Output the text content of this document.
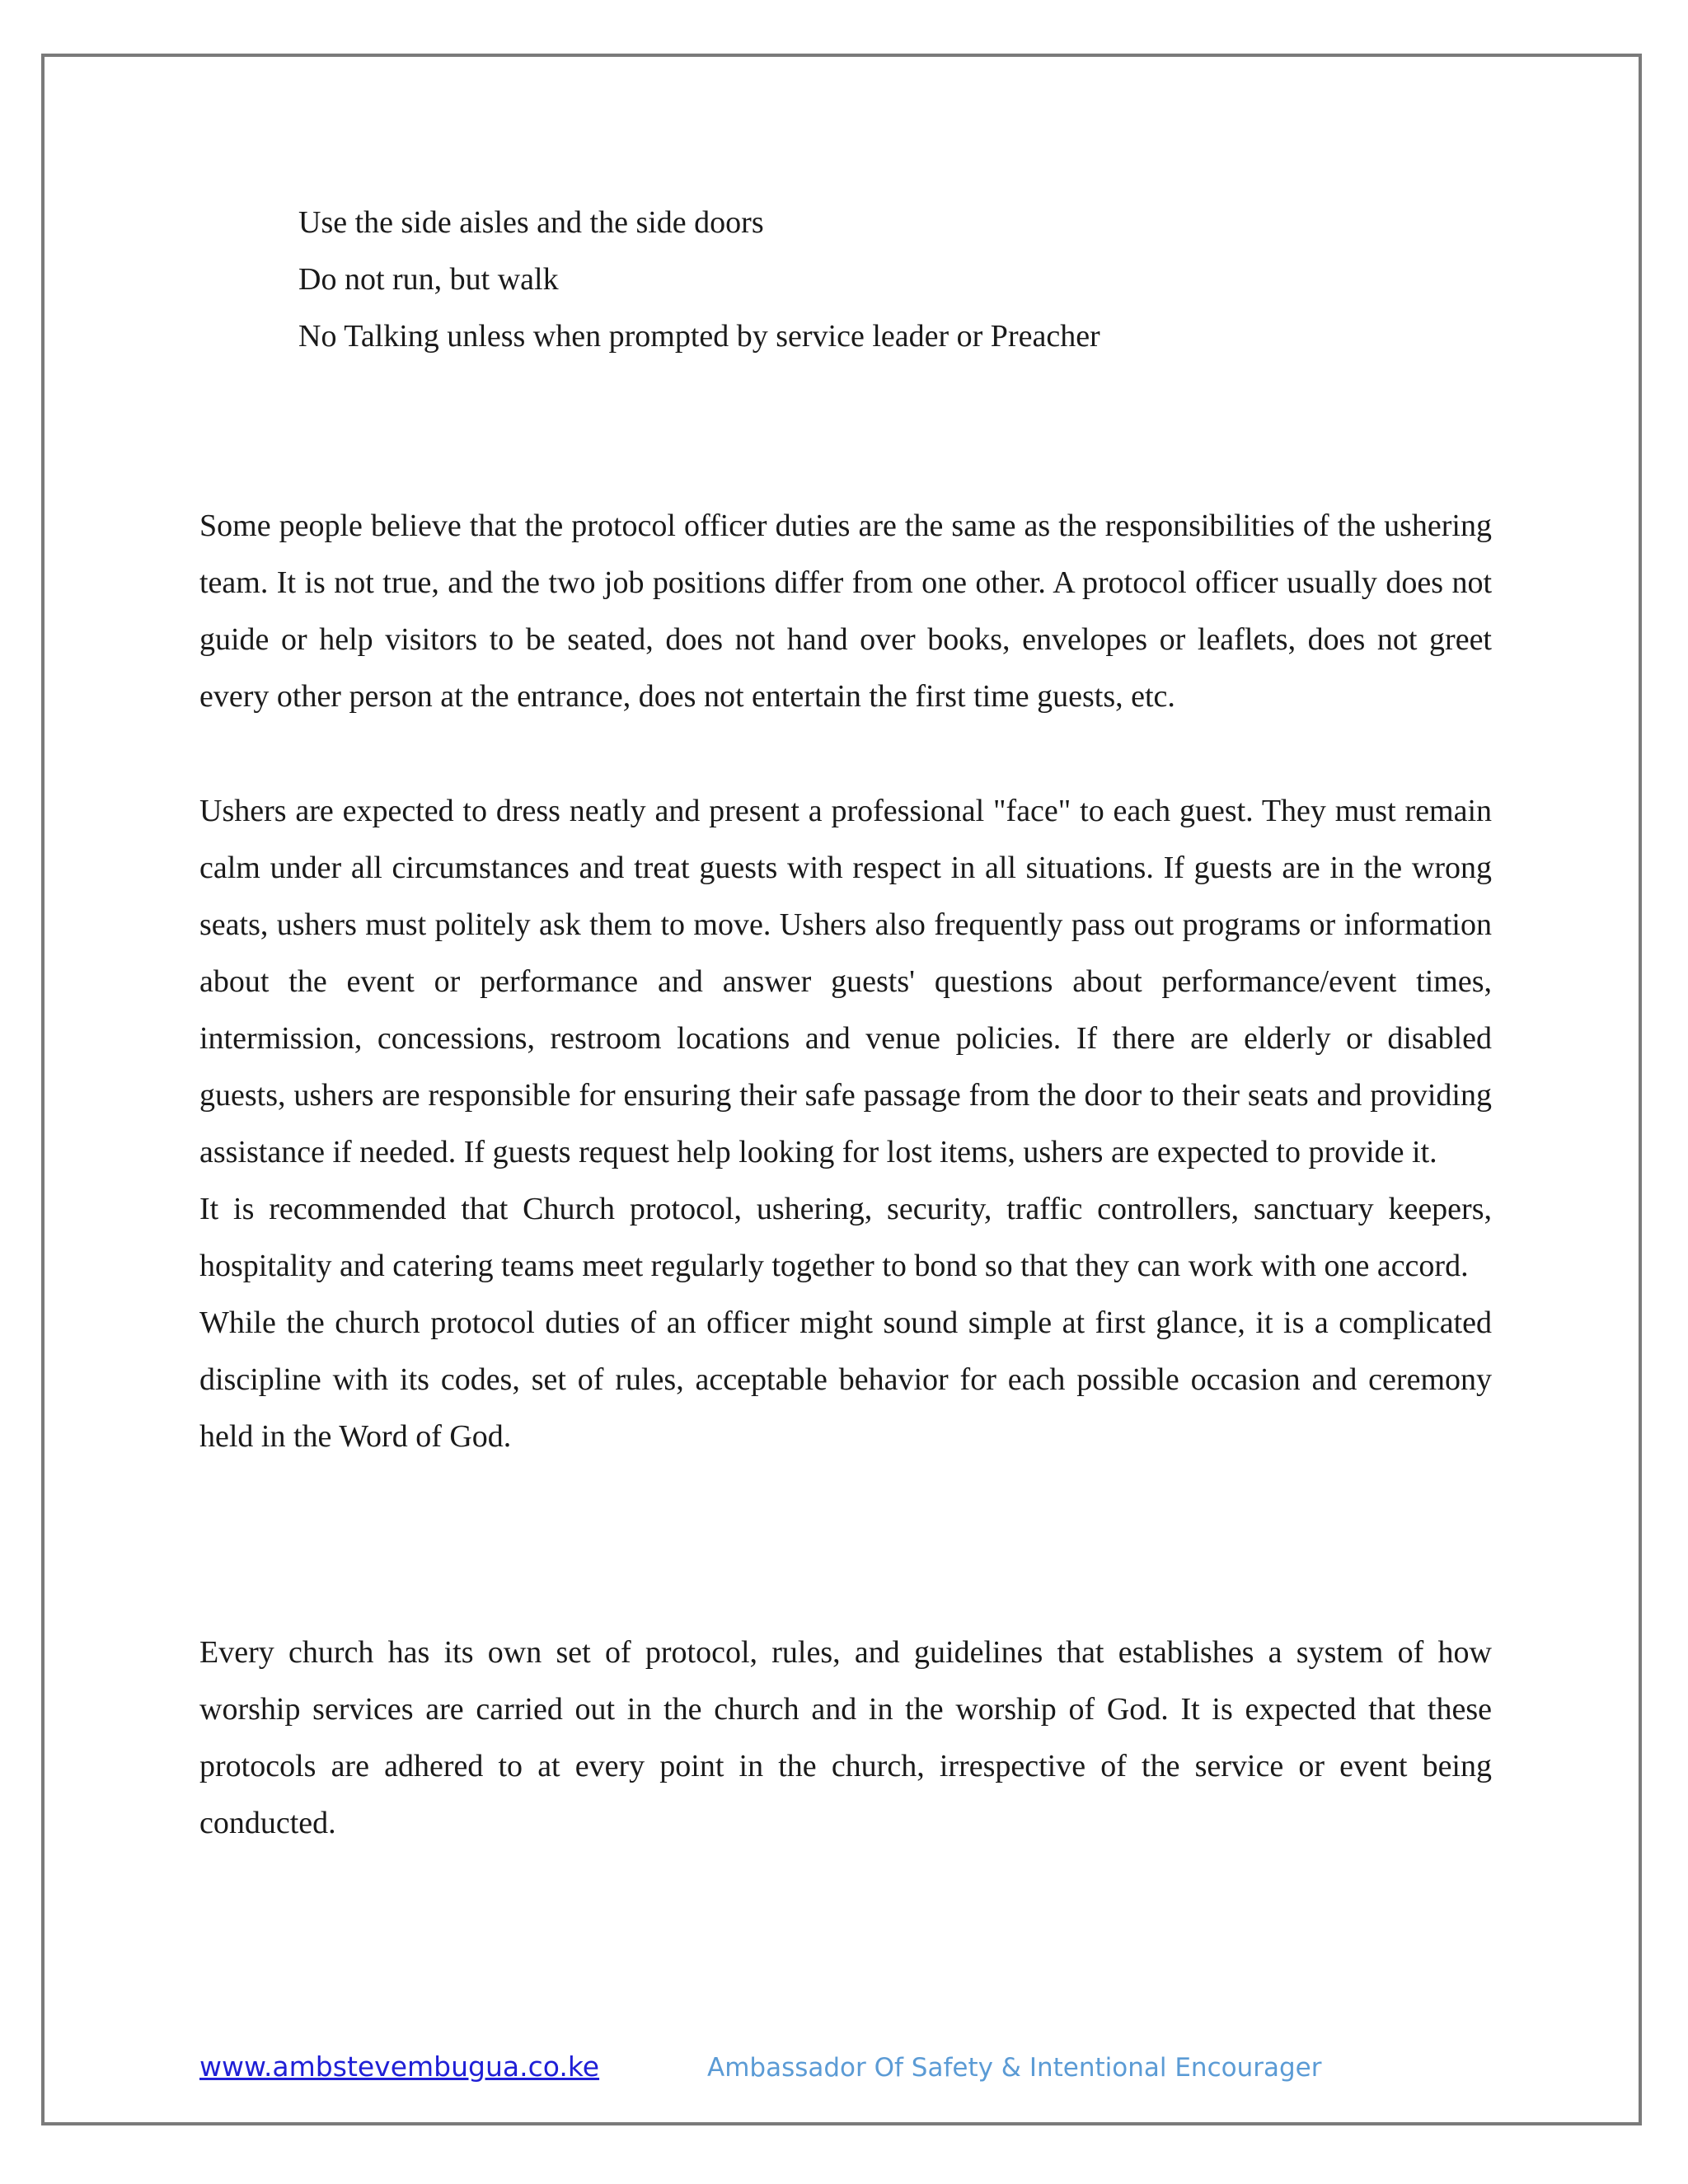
Use the side aisles and the side doors
Do not run, but walk
No Talking unless when prompted by service leader or Preacher

Some people believe that the protocol officer duties are the same as the responsibilities of the ushering team. It is not true, and the two job positions differ from one other. A protocol officer usually does not guide or help visitors to be seated, does not hand over books, envelopes or leaflets, does not greet every other person at the entrance, does not entertain the first time guests, etc.

Ushers are expected to dress neatly and present a professional "face" to each guest. They must remain calm under all circumstances and treat guests with respect in all situations. If guests are in the wrong seats, ushers must politely ask them to move. Ushers also frequently pass out programs or information about the event or performance and answer guests' questions about performance/event times, intermission, concessions, restroom locations and venue policies. If there are elderly or disabled guests, ushers are responsible for ensuring their safe passage from the door to their seats and providing assistance if needed. If guests request help looking for lost items, ushers are expected to provide it.

It is recommended that Church protocol, ushering, security, traffic controllers, sanctuary keepers, hospitality and catering teams meet regularly together to bond so that they can work with one accord.

While the church protocol duties of an officer might sound simple at first glance, it is a complicated discipline with its codes, set of rules, acceptable behavior for each possible occasion and ceremony held in the Word of God.

Every church has its own set of protocol, rules, and guidelines that establishes a system of how worship services are carried out in the church and in the worship of God. It is expected that these protocols are adhered to at every point in the church, irrespective of the service or event being conducted.

www.ambstevembugua.co.ke	Ambassador Of Safety & Intentional Encourager
